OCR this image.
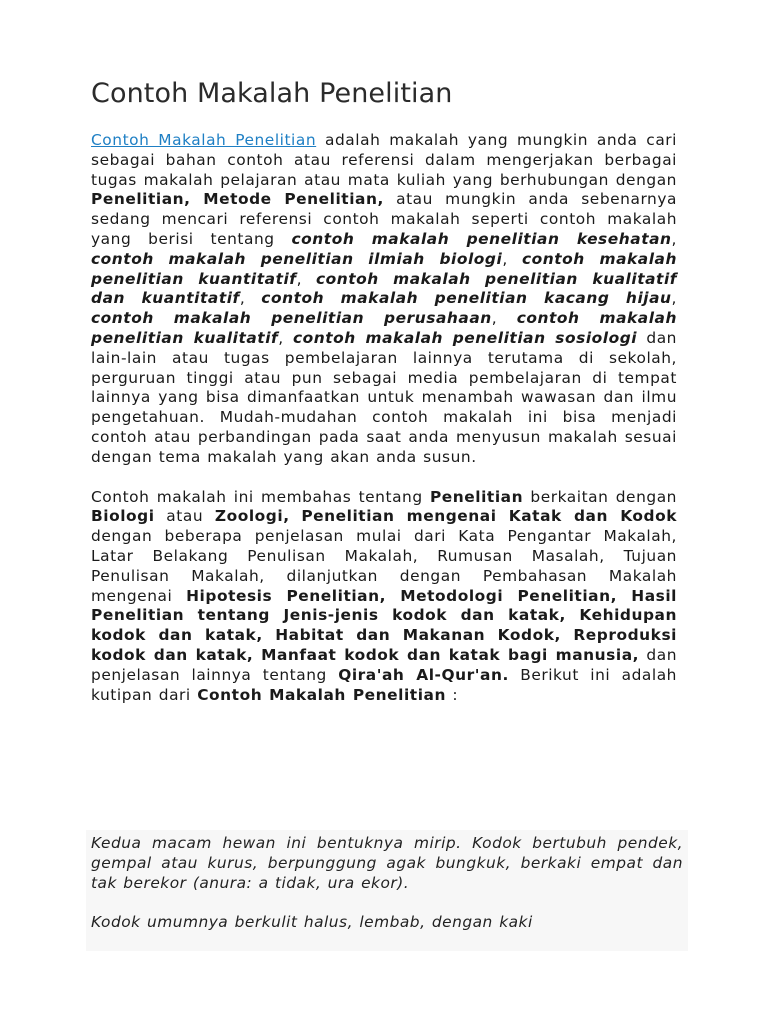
Contoh Makalah Penelitian

Contoh Makalah Penelitian adalah makalah yang mungkin anda cari sebagai bahan contoh atau referensi dalam mengerjakan berbagai tugas makalah pelajaran atau mata kuliah yang berhubungan dengan Penelitian, Metode Penelitian, atau mungkin anda sebenarnya sedang mencari referensi contoh makalah seperti contoh makalah yang berisi tentang contoh makalah penelitian kesehatan, contoh makalah penelitian ilmiah biologi, contoh makalah penelitian kuantitatif, contoh makalah penelitian kualitatif dan kuantitatif, contoh makalah penelitian kacang hijau, contoh makalah penelitian perusahaan, contoh makalah penelitian kualitatif, contoh makalah penelitian sosiologi dan lain-lain atau tugas pembelajaran lainnya terutama di sekolah, perguruan tinggi atau pun sebagai media pembelajaran di tempat lainnya yang bisa dimanfaatkan untuk menambah wawasan dan ilmu pengetahuan. Mudah-mudahan contoh makalah ini bisa menjadi contoh atau perbandingan pada saat anda menyusun makalah sesuai dengan tema makalah yang akan anda susun.

Contoh makalah ini membahas tentang Penelitian berkaitan dengan Biologi atau Zoologi, Penelitian mengenai Katak dan Kodok dengan beberapa penjelasan mulai dari Kata Pengantar Makalah, Latar Belakang Penulisan Makalah, Rumusan Masalah, Tujuan Penulisan Makalah, dilanjutkan dengan Pembahasan Makalah mengenai Hipotesis Penelitian, Metodologi Penelitian, Hasil Penelitian tentang Jenis-jenis kodok dan katak, Kehidupan kodok dan katak, Habitat dan Makanan Kodok, Reproduksi kodok dan katak, Manfaat kodok dan katak bagi manusia, dan penjelasan lainnya tentang Qira'ah Al-Qur'an. Berikut ini adalah kutipan dari Contoh Makalah Penelitian :

Kedua macam hewan ini bentuknya mirip. Kodok bertubuh pendek, gempal atau kurus, berpunggung agak bungkuk, berkaki empat dan tak berekor (anura: a tidak, ura ekor).

Kodok umumnya berkulit halus, lembab, dengan kaki
